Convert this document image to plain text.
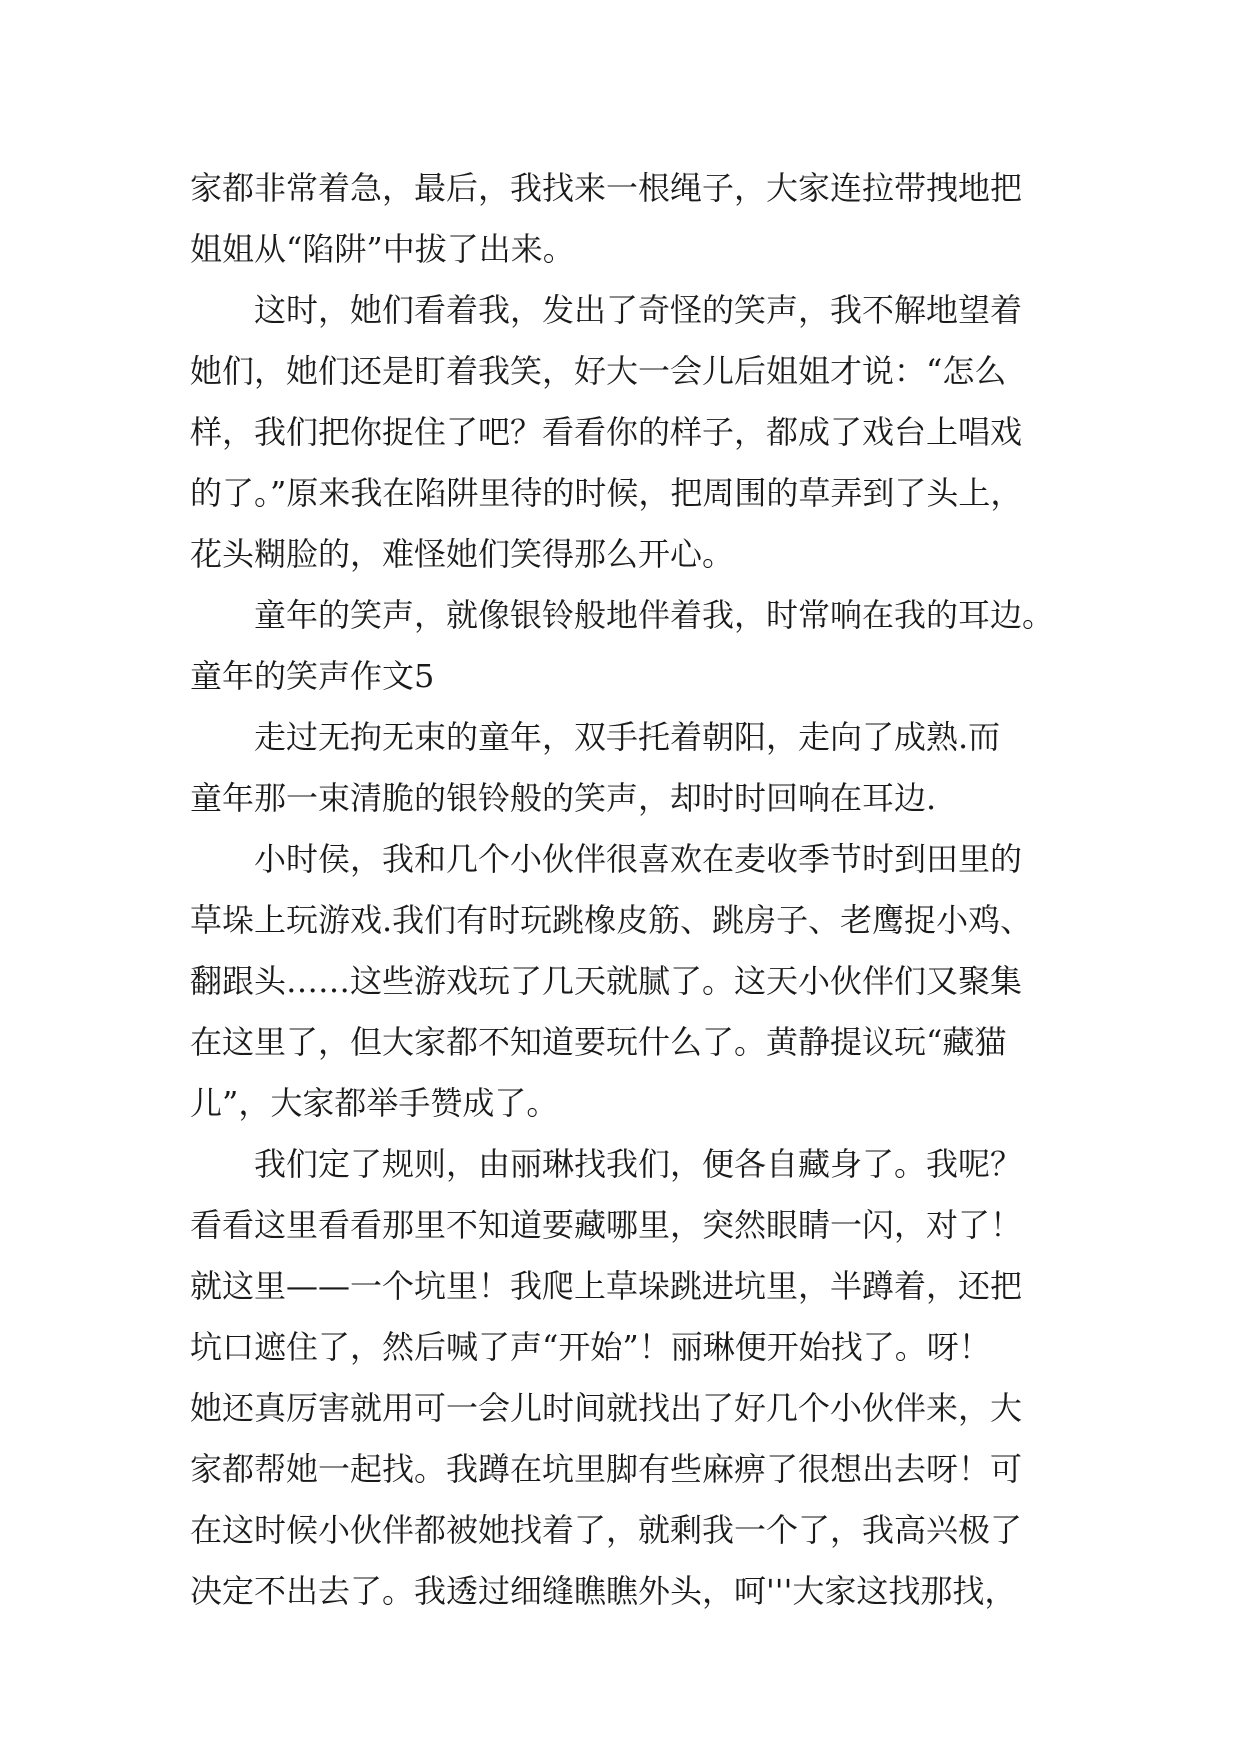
家都非常着急，最后，我找来一根绳子，大家连拉带拽地把
姐姐从“陷阱”中拔了出来。
这时，她们看着我，发出了奇怪的笑声，我不解地望着
她们，她们还是盯着我笑，好大一会儿后姐姐才说：“怎么
样，我们把你捉住了吧？看看你的样子，都成了戏台上唱戏
的了。”原来我在陷阱里待的时候，把周围的草弄到了头上，
花头糊脸的，难怪她们笑得那么开心。
童年的笑声，就像银铃般地伴着我，时常响在我的耳边。
童年的笑声作文5
走过无拘无束的童年，双手托着朝阳，走向了成熟.而
童年那一束清脆的银铃般的笑声，却时时回响在耳边.
小时侯，我和几个小伙伴很喜欢在麦收季节时到田里的
草垛上玩游戏.我们有时玩跳橡皮筋、跳房子、老鹰捉小鸡、
翻跟头……这些游戏玩了几天就腻了。这天小伙伴们又聚集
在这里了，但大家都不知道要玩什么了。黄静提议玩“藏猫
儿”，大家都举手赞成了。
我们定了规则，由丽琳找我们，便各自藏身了。我呢？
看看这里看看那里不知道要藏哪里，突然眼睛一闪，对了！
就这里——一个坑里！我爬上草垛跳进坑里，半蹲着，还把
坑口遮住了，然后喊了声“开始”！丽琳便开始找了。呀！
她还真厉害就用可一会儿时间就找出了好几个小伙伴来，大
家都帮她一起找。我蹲在坑里脚有些麻痹了很想出去呀！可
在这时候小伙伴都被她找着了，就剩我一个了，我高兴极了
决定不出去了。我透过细缝瞧瞧外头，呵'''大家这找那找，
